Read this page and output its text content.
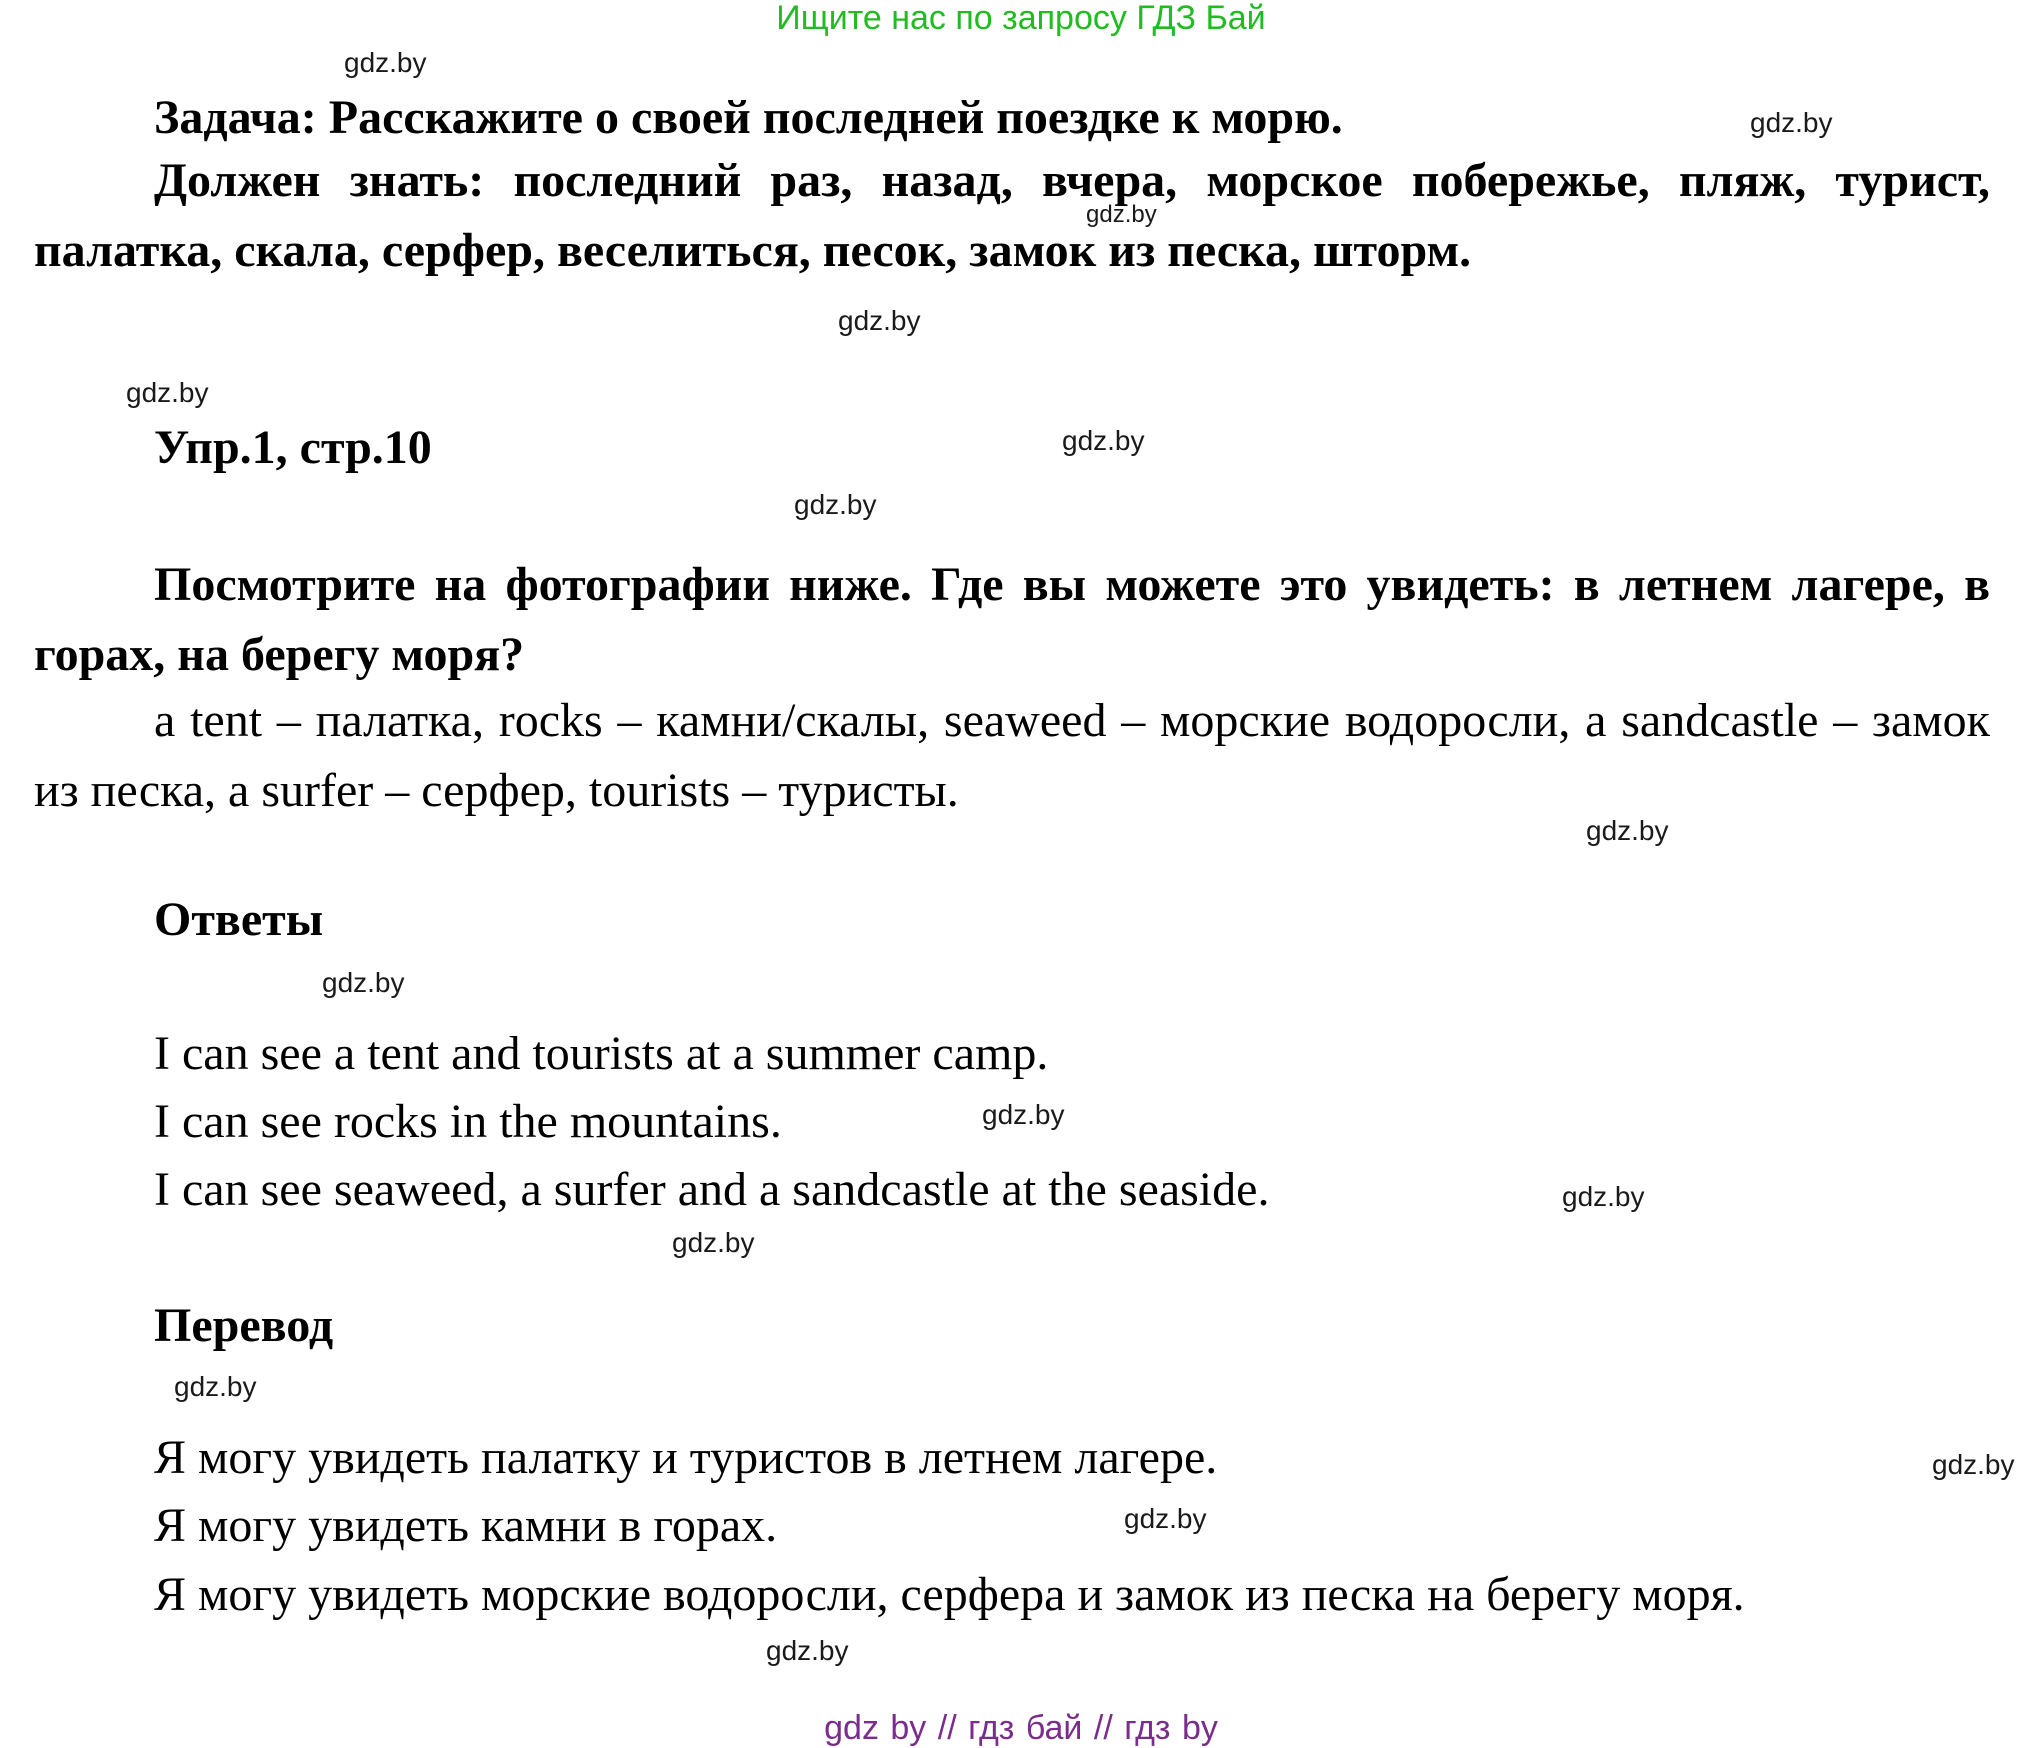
Ищите нас по запросу ГДЗ Бай

Задача: Расскажите о своей последней поездке к морю.

Должен знать: последний раз, назад, вчера, морское побережье, пляж, турист, палатка, скала, серфер, веселиться, песок, замок из песка, шторм.

Упр.1, стр.10

Посмотрите на фотографии ниже. Где вы можете это увидеть: в летнем лагере, в горах, на берегу моря?

a tent – палатка, rocks – камни/скалы, seaweed – морские водоросли, a sandcastle – замок из песка, a surfer – серфер, tourists – туристы.

Ответы
I can see a tent and tourists at a summer camp.
I can see rocks in the mountains.
I can see seaweed, a surfer and a sandcastle at the seaside.
Перевод
Я могу увидеть палатку и туристов в летнем лагере.
Я могу увидеть камни в горах.

Я могу увидеть морские водоросли, серфера и замок из песка на берегу моря.

gdz.by
gdz.by
gdz.by
gdz.by
gdz.by
gdz.by
gdz.by
gdz.by
gdz.by
gdz.by
gdz.by
gdz.by
gdz.by
gdz.by
gdz.by
gdz.by
gdz by // гдз бай // гдз by
